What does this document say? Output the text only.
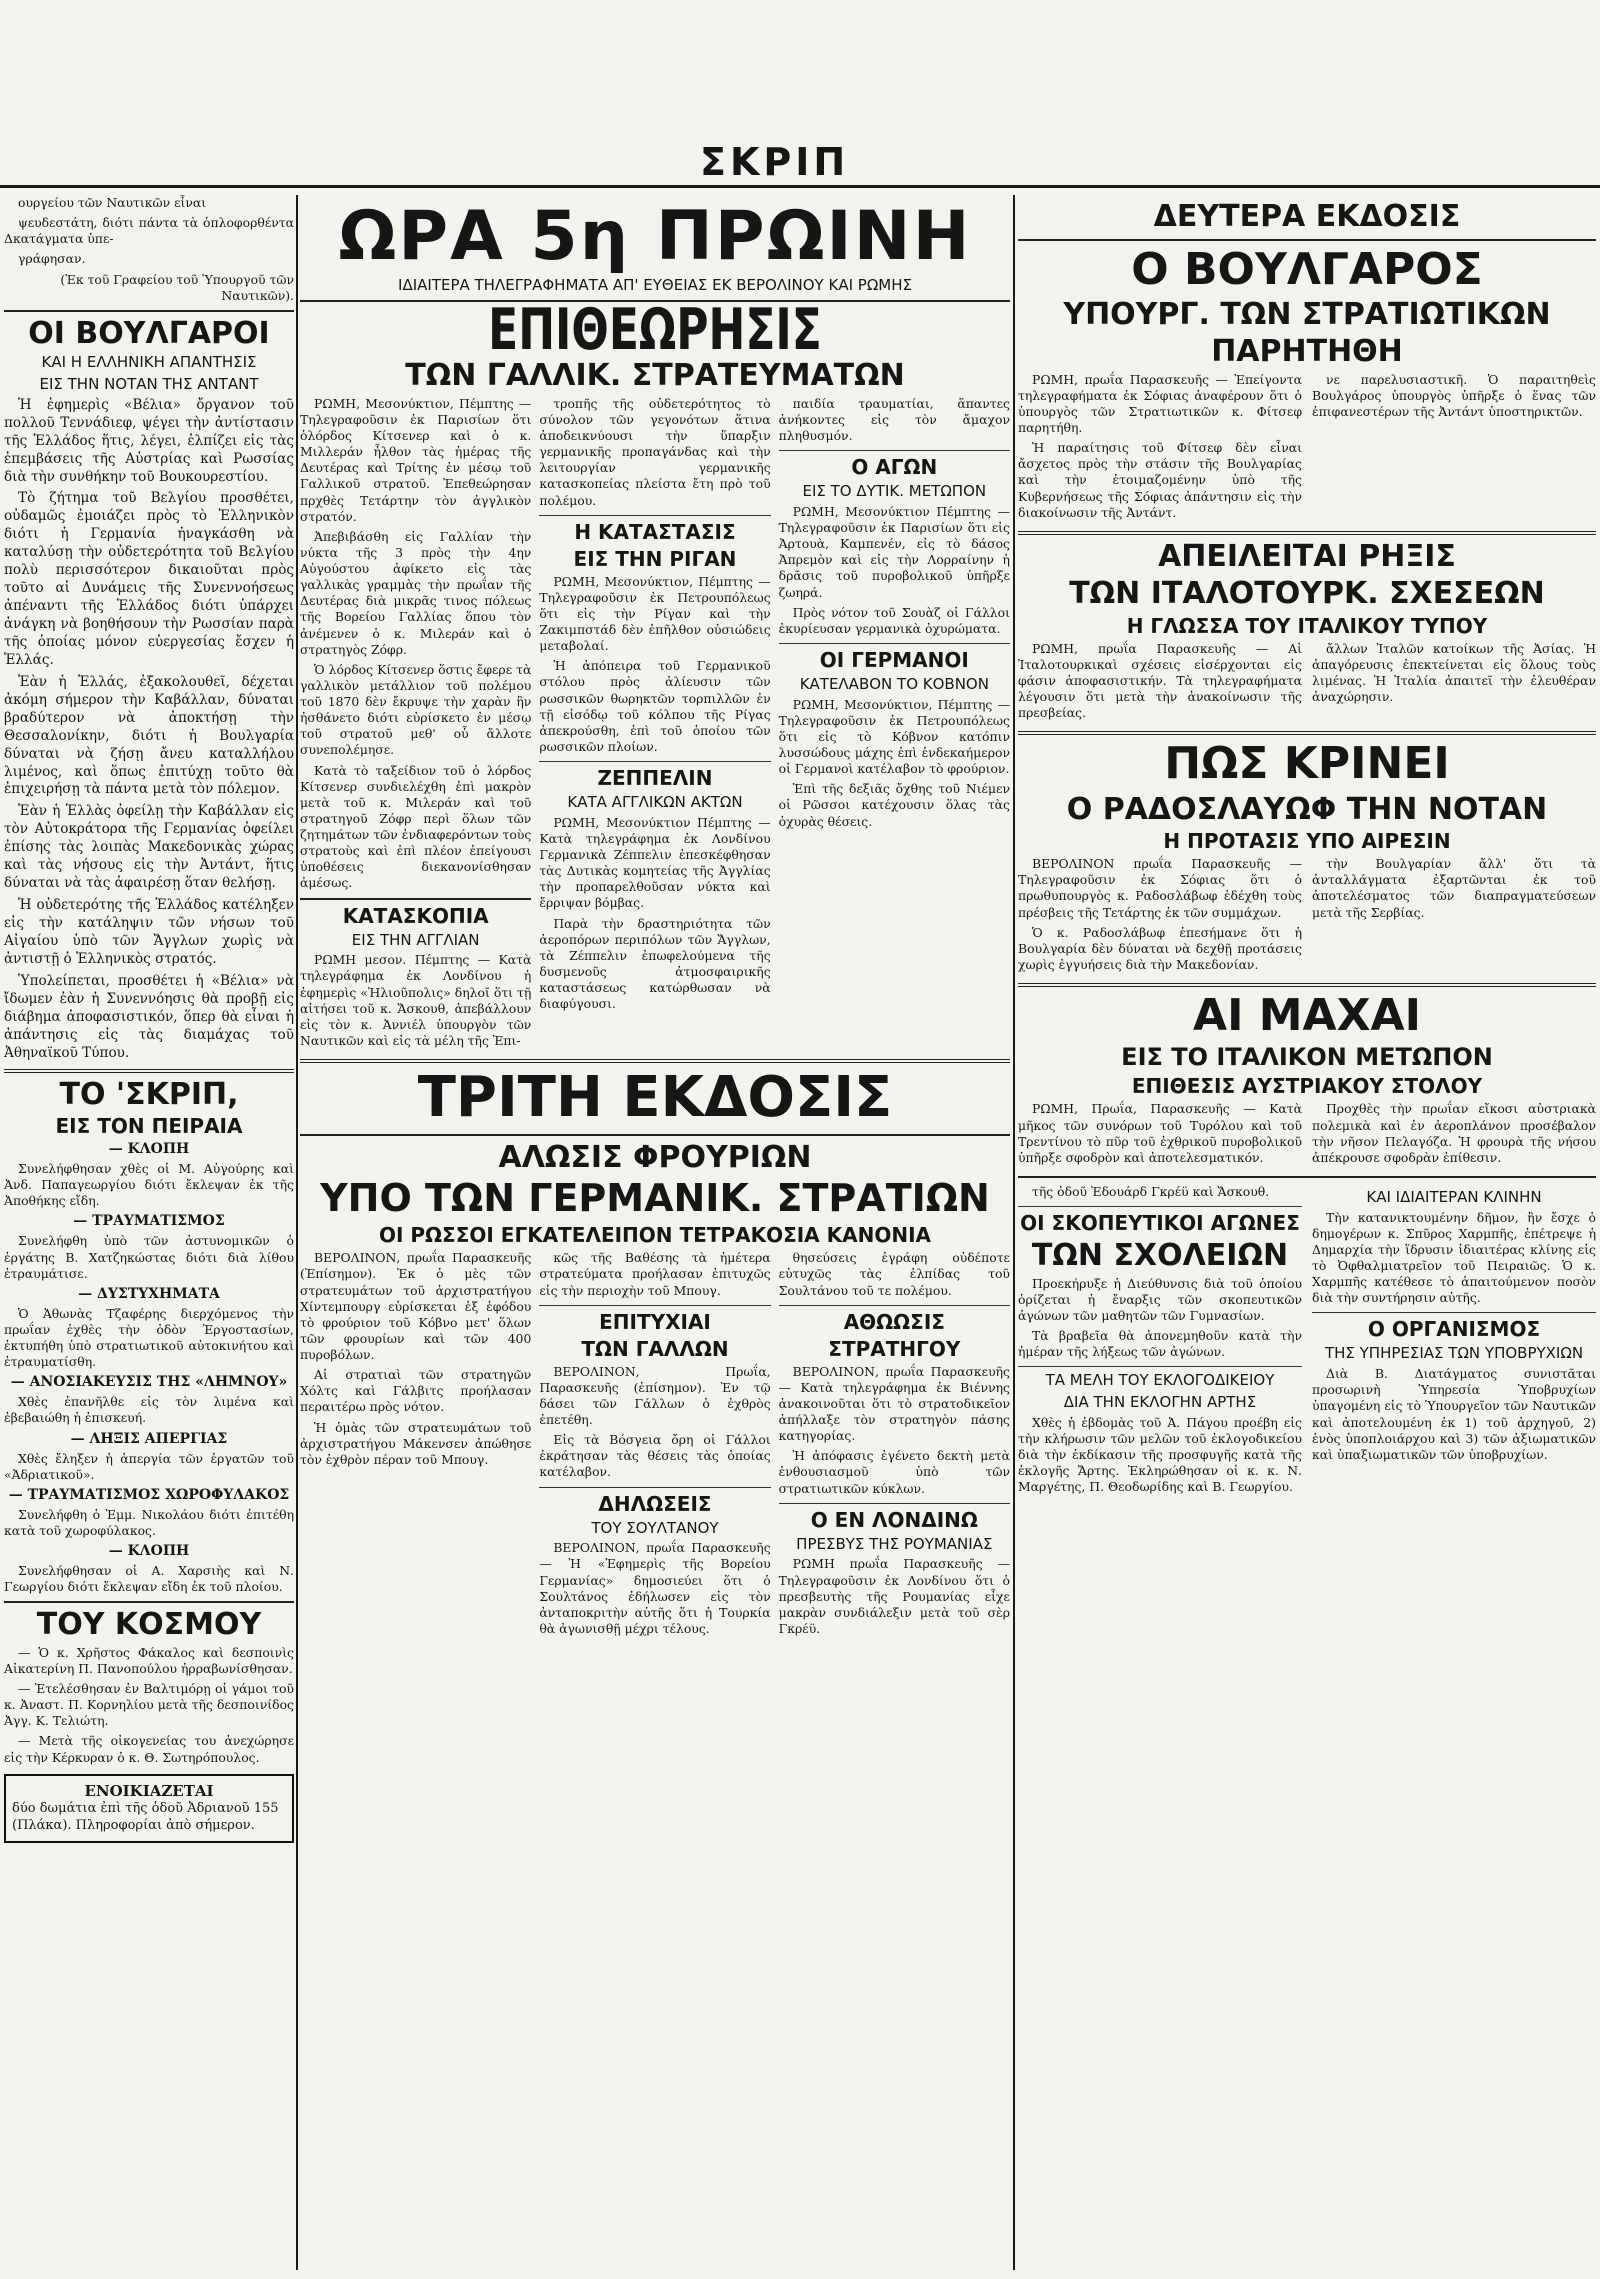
ΣΚΡΙΠ

ουργείου τῶν Ναυτικῶν εἶναι

ψευδεστάτη, διότι πάντα τὰ ὁπλοφορθέντα Δκατάγματα ὑπε-

γράφησαν.

(Ἐκ τοῦ Γραφείου τοῦ Ὑπουργοῦ τῶν Ναυτικῶν).

ΟΙ ΒΟΥΛΓΑΡΟΙ
ΚΑΙ Η ΕΛΛΗΝΙΚΗ ΑΠΑΝΤΗΣΙΣ
ΕΙΣ ΤΗΝ ΝΟΤΑΝ ΤΗΣ ΑΝΤΑΝΤ

Ἡ ἐφημερὶς «Βέλια» ὄργανον τοῦ πολλοῦ Τεννάδιεφ, ψέγει τὴν ἀντίστασιν τῆς Ἑλλάδος ἥτις, λέγει, ἐλπίζει εἰς τὰς ἐπεμβάσεις τῆς Αὐστρίας καὶ Ρωσσίας διὰ τὴν συνθήκην τοῦ Βουκουρεστίου.

Τὸ ζήτημα τοῦ Βελγίου προσθέτει, οὐδαμῶς ἐμοιάζει πρὸς τὸ Ἑλληνικὸν διότι ἡ Γερμανία ἠναγκάσθη νὰ καταλύσῃ τὴν οὐδετερότητα τοῦ Βελγίου πολὺ περισσότερον δικαιοῦται πρὸς τοῦτο αἱ Δυνάμεις τῆς Συνεννοήσεως ἀπέναντι τῆς Ἑλλάδος διότι ὑπάρχει ἀνάγκη νὰ βοηθήσουν τὴν Ρωσσίαν παρὰ τῆς ὁποίας μόνον εὐεργεσίας ἔσχεν ἡ Ἑλλάς.

Ἐὰν ἡ Ἑλλάς, ἐξακολουθεῖ, δέχεται ἀκόμη σήμερον τὴν Καβάλλαν, δύναται βραδύτερον νὰ ἀποκτήσῃ τὴν Θεσσαλονίκην, διότι ἡ Βουλγαρία δύναται νὰ ζήσῃ ἄνευ καταλλήλου λιμένος, καὶ ὅπως ἐπιτύχῃ τοῦτο θὰ ἐπιχειρήσῃ τὰ πάντα μετὰ τὸν πόλεμον.

Ἐὰν ἡ Ἑλλὰς ὀφείλῃ τὴν Καβάλλαν εἰς τὸν Αὐτοκράτορα τῆς Γερμανίας ὀφείλει ἐπίσης τὰς λοιπὰς Μακεδονικὰς χώρας καὶ τὰς νήσους εἰς τὴν Ἀντάντ, ἥτις δύναται νὰ τὰς ἀφαιρέσῃ ὅταν θελήσῃ.

Ἡ οὐδετερότης τῆς Ἑλλάδος κατέληξεν εἰς τὴν κατάληψιν τῶν νήσων τοῦ Αἰγαίου ὑπὸ τῶν Ἄγγλων χωρὶς νὰ ἀντιστῇ ὁ Ἑλληνικὸς στρατός.

Ὑπολείπεται, προσθέτει ἡ «Βέλια» νὰ ἴδωμεν ἐὰν ἡ Συνεννόησις θὰ προβῇ εἰς διάβημα ἀποφασιστικόν, ὅπερ θὰ εἶναι ἡ ἀπάντησις εἰς τὰς διαμάχας τοῦ Ἀθηναϊκοῦ Τύπου.

ΤΟ 'ΣΚΡΙΠ,
ΕΙΣ ΤΟΝ ΠΕΙΡΑΙΑ
— ΚΛΟΠΗ

Συνελήφθησαν χθὲς οἱ Μ. Αὐγούρης καὶ Ἀνδ. Παπαγεωργίου διότι ἔκλεψαν ἐκ τῆς Ἀποθήκης εἴδη.

— ΤΡΑΥΜΑΤΙΣΜΟΣ

Συνελήφθη ὑπὸ τῶν ἀστυνομικῶν ὁ ἐργάτης Β. Χατζηκώστας διότι διὰ λίθου ἐτραυμάτισε.

— ΔΥΣΤΥΧΗΜΑΤΑ

Ὁ Ἀθωνὰς Τζαφέρης διερχόμενος τὴν πρωΐαν ἐχθὲς τὴν ὁδὸν Ἐργοστασίων, ἐκτυπήθη ὑπὸ στρατιωτικοῦ αὐτοκινήτου καὶ ἐτραυματίσθη.

— ΑΝΟΣΙΑΚΕΥΣΙΣ ΤΗΣ «ΛΗΜΝΟΥ»

Χθὲς ἐπανῆλθε εἰς τὸν λιμένα καὶ ἐβεβαιώθη ἡ ἐπισκευή.

— ΛΗΞΙΣ ΑΠΕΡΓΙΑΣ

Χθὲς ἔληξεν ἡ ἀπεργία τῶν ἐργατῶν τοῦ «Ἀδριατικοῦ».

— ΤΡΑΥΜΑΤΙΣΜΟΣ ΧΩΡΟΦΥΛΑΚΟΣ

Συνελήφθη ὁ Ἐμμ. Νικολάου διότι ἐπιτέθη κατὰ τοῦ χωροφύλακος.

— ΚΛΟΠΗ

Συνελήφθησαν οἱ Α. Χαρσιὴς καὶ Ν. Γεωργίου διότι ἔκλεψαν εἴδη ἐκ τοῦ πλοίου.

ΤΟΥ ΚΟΣΜΟΥ

— Ὁ κ. Χρῆστος Φάκαλος καὶ δεσποινὶς Αἰκατερίνη Π. Πανοπούλου ἠρραβωνίσθησαν.

— Ἐτελέσθησαν ἐν Βαλτιμόρῃ οἱ γάμοι τοῦ κ. Ἀναστ. Π. Κορνηλίου μετὰ τῆς δεσποινίδος Ἀγγ. Κ. Τελιώτη.

— Μετὰ τῆς οἰκογενείας του ἀνεχώρησε εἰς τὴν Κέρκυραν ὁ κ. Θ. Σωτηρόπουλος.

ΕΝΟΙΚΙΑΖΕΤΑΙ
δύο δωμάτια ἐπὶ τῆς ὁδοῦ Ἀδριανοῦ 155 (Πλάκα). Πληροφορίαι ἀπὸ σήμερον.
ΩΡΑ 5η ΠΡΩΙΝΗ
ΙΔΙΑΙΤΕΡΑ ΤΗΛΕΓΡΑΦΗΜΑΤΑ ΑΠ' ΕΥΘΕΙΑΣ ΕΚ ΒΕΡΟΛΙΝΟΥ ΚΑΙ ΡΩΜΗΣ
ΕΠΙΘΕΩΡΗΣΙΣ
ΤΩΝ ΓΑΛΛΙΚ. ΣΤΡΑΤΕΥΜΑΤΩΝ

ΡΩΜΗ, Μεσονύκτιον, Πέμπτης — Τηλεγραφοῦσιν ἐκ Παρισίων ὅτι ὁλόρδος Κίτσενερ καὶ ὁ κ. Μιλλεράν ἦλθον τὰς ἡμέρας τῆς Δευτέρας καὶ Τρίτης ἐν μέσῳ τοῦ Γαλλικοῦ στρατοῦ. Ἐπεθεώρησαν πρχθὲς Τετάρτην τὸν ἀγγλικὸν στρατόν.

Ἀπεβιβάσθη εἰς Γαλλίαν τὴν νύκτα τῆς 3 πρὸς τὴν 4ην Αὐγούστου ἀφίκετο εἰς τὰς γαλλικὰς γραμμὰς τὴν πρωΐαν τῆς Δευτέρας διὰ μικρᾶς τινος πόλεως τῆς Βορείου Γαλλίας ὅπου τὸν ἀνέμενεν ὁ κ. Μιλεράν καὶ ὁ στρατηγὸς Ζόφρ.

Ὁ λόρδος Κίτσενερ ὅστις ἔφερε τὰ γαλλικὸν μετάλλιον τοῦ πολέμου τοῦ 1870 δὲν ἔκρυψε τὴν χαρὰν ἣν ἠσθάνετο διότι εὑρίσκετο ἐν μέσῳ τοῦ στρατοῦ μεθ' οὗ ἄλλοτε συνεπολέμησε.

Κατὰ τὸ ταξείδιον τοῦ ὁ λόρδος Κίτσενερ συνδιελέχθη ἐπὶ μακρὸν μετὰ τοῦ κ. Μιλεράν καὶ τοῦ στρατηγοῦ Ζόφρ περὶ ὅλων τῶν ζητημάτων τῶν ἐνδιαφερόντων τοὺς στρατοὺς καὶ ἐπὶ πλέον ἐπείγουσι ὑποθέσεις διεκανονίσθησαν ἀμέσως.

ΚΑΤΑΣΚΟΠΙΑ
ΕΙΣ ΤΗΝ ΑΓΓΛΙΑΝ

ΡΩΜΗ μεσον. Πέμπτης — Κατὰ τηλεγράφημα ἐκ Λονδίνου ἡ ἐφημερὶς «Ἠλιοῦπολις» δηλοῖ ὅτι τῇ αἰτήσει τοῦ κ. Ἄσκουθ, ἀπεβάλλουν εἰς τὸν κ. Ἀννιέλ ὑπουργὸν τῶν Ναυτικῶν καὶ εἰς τὰ μέλη τῆς Ἐπι-

τροπῆς τῆς οὐδετερότητος τὸ σύνολον τῶν γεγονότων ἅτινα ἀποδεικνύουσι τὴν ὕπαρξιν γερμανικῆς προπαγάνδας καὶ τὴν λειτουργίαν γερμανικῆς κατασκοπείας πλείστα ἔτη πρὸ τοῦ πολέμου.

Η ΚΑΤΑΣΤΑΣΙΣ
ΕΙΣ ΤΗΝ ΡΙΓΑΝ

ΡΩΜΗ, Μεσονύκτιον, Πέμπτης — Τηλεγραφοῦσιν ἐκ Πετρουπόλεως ὅτι εἰς τὴν Ρίγαν καὶ τὴν Ζακιμπστάδ δὲν ἐπῆλθον οὐσιώδεις μεταβολαί.

Ἡ ἀπόπειρα τοῦ Γερμανικοῦ στόλου πρὸς ἀλίευσιν τῶν ρωσσικῶν θωρηκτῶν τορπιλλῶν ἐν τῇ εἰσόδῳ τοῦ κόλπου τῆς Ρίγας ἀπεκρούσθη, ἐπὶ τοῦ ὁποίου τῶν ρωσσικῶν πλοίων.

ΖΕΠΠΕΛΙΝ
ΚΑΤΑ ΑΓΓΛΙΚΩΝ ΑΚΤΩΝ

ΡΩΜΗ, Μεσονύκτιον Πέμπτης — Κατὰ τηλεγράφημα ἐκ Λονδίνου Γερμανικὰ Ζέππελιν ἐπεσκέφθησαν τὰς Δυτικὰς κομητείας τῆς Ἀγγλίας τὴν προπαρελθοῦσαν νύκτα καὶ ἔρριψαν βόμβας.

Παρὰ τὴν δραστηριότητα τῶν ἀεροπόρων περιπόλων τῶν Ἄγγλων, τὰ Ζέππελιν ἐπωφελούμενα τῆς δυσμενοῦς ἀτμοσφαιρικῆς καταστάσεως κατώρθωσαν νὰ διαφύγουσι.

παιδία τραυματίαι, ἅπαντες ἀνήκοντες εἰς τὸν ἄμαχον πληθυσμόν.

Ο ΑΓΩΝ
ΕΙΣ ΤΟ ΔΥΤΙΚ. ΜΕΤΩΠΟΝ

ΡΩΜΗ, Μεσονύκτιον Πέμπτης — Τηλεγραφοῦσιν ἐκ Παρισίων ὅτι εἰς Ἀρτουὰ, Καμπενέν, εἰς τὸ δάσος Ἀπρεμὸν καὶ εἰς τὴν Λορραίνην ἡ δρᾶσις τοῦ πυροβολικοῦ ὑπῆρξε ζωηρά.

Πρὸς νότον τοῦ Σουὰζ οἱ Γάλλοι ἐκυρίευσαν γερμανικὰ ὀχυρώματα.

ΟΙ ΓΕΡΜΑΝΟΙ
ΚΑΤΕΛΑΒΟΝ ΤΟ ΚΟΒΝΟΝ

ΡΩΜΗ, Μεσονύκτιον, Πέμπτης — Τηλεγραφοῦσιν ἐκ Πετρουπόλεως ὅτι εἰς τὸ Κόβνον κατόπιν λυσσώδους μάχης ἐπὶ ἑνδεκαήμερον οἱ Γερμανοὶ κατέλαβον τὸ φρούριον.

Ἐπὶ τῆς δεξιᾶς ὄχθης τοῦ Νιέμεν οἱ Ρῶσσοι κατέχουσιν ὅλας τὰς ὀχυρὰς θέσεις.

ΤΡΙΤΗ ΕΚΔΟΣΙΣ
ΑΛΩΣΙΣ ΦΡΟΥΡΙΩΝ
ΥΠΟ ΤΩΝ ΓΕΡΜΑΝΙΚ. ΣΤΡΑΤΙΩΝ
ΟΙ ΡΩΣΣΟΙ ΕΓΚΑΤΕΛΕΙΠΟΝ ΤΕΤΡΑΚΟΣΙΑ ΚΑΝΟΝΙΑ

ΒΕΡΟΛΙΝΟΝ, πρωΐα Παρασκευῆς (Ἐπίσημον). Ἐκ ὁ μὲς τῶν στρατευμάτων τοῦ ἀρχιστρατήγου Χίντεμπουργ εὑρίσκεται ἐξ ἐφόδου τὸ φρούριον τοῦ Κόβνο μετ' ὅλων τῶν φρουρίων καὶ τῶν 400 πυροβόλων.

Αἱ στρατιαὶ τῶν στρατηγῶν Χόλτς καὶ Γάλβιτς προήλασαν περαιτέρω πρὸς νότον.

Ἡ ὁμὰς τῶν στρατευμάτων τοῦ ἀρχιστρατήγου Μάκενσεν ἀπώθησε τὸν ἐχθρὸν πέραν τοῦ Μπουγ.

κῶς τῆς Βαθέσης τὰ ἡμέτερα στρατεύματα προήλασαν ἐπιτυχῶς εἰς τὴν περιοχὴν τοῦ Μπουγ.

ΕΠΙΤΥΧΙΑΙ
ΤΩΝ ΓΑΛΛΩΝ

ΒΕΡΟΛΙΝΟΝ, Πρωΐα, Παρασκευῆς (ἐπίσημον). Ἐν τῷ δάσει τῶν Γάλλων ὁ ἐχθρὸς ἐπετέθη.

Εἰς τὰ Βόσγεια ὄρη οἱ Γάλλοι ἐκράτησαν τὰς θέσεις τὰς ὁποίας κατέλαβον.

ΔΗΛΩΣΕΙΣ
ΤΟΥ ΣΟΥΛΤΑΝΟΥ

ΒΕΡΟΛΙΝΟΝ, πρωΐα Παρασκευῆς — Ἡ «Ἐφημερὶς τῆς Βορείου Γερμανίας» δημοσιεύει ὅτι ὁ Σουλτάνος ἐδήλωσεν εἰς τὸν ἀνταποκριτὴν αὐτῆς ὅτι ἡ Τουρκία θὰ ἀγωνισθῇ μέχρι τέλους.

θησεύσεις ἐγράφη οὐδέποτε εὐτυχῶς τὰς ἐλπίδας τοῦ Σουλτάνου τοῦ τε πολέμου.

ΑΘΩΩΣΙΣ
ΣΤΡΑΤΗΓΟΥ

ΒΕΡΟΛΙΝΟΝ, πρωΐα Παρασκευῆς — Κατὰ τηλεγράφημα ἐκ Βιέννης ἀνακοινοῦται ὅτι τὸ στρατοδικεῖον ἀπήλλαξε τὸν στρατηγὸν πάσης κατηγορίας.

Ἡ ἀπόφασις ἐγένετο δεκτὴ μετὰ ἐνθουσιασμοῦ ὑπὸ τῶν στρατιωτικῶν κύκλων.

Ο ΕΝ ΛΟΝΔΙΝΩ
ΠΡΕΣΒΥΣ ΤΗΣ ΡΟΥΜΑΝΙΑΣ

ΡΩΜΗ πρωΐα Παρασκευῆς — Τηλεγραφοῦσιν ἐκ Λονδίνου ὅτι ὁ πρεσβευτὴς τῆς Ρουμανίας εἶχε μακρὰν συνδιάλεξιν μετὰ τοῦ σὲρ Γκρέϋ.

ΔΕΥΤΕΡΑ ΕΚΔΟΣΙΣ
Ο ΒΟΥΛΓΑΡΟΣ
ΥΠΟΥΡΓ. ΤΩΝ ΣΤΡΑΤΙΩΤΙΚΩΝ
ΠΑΡΗΤΗΘΗ

ΡΩΜΗ, πρωΐα Παρασκευῆς — Ἐπείγοντα τηλεγραφήματα ἐκ Σόφιας ἀναφέρουν ὅτι ὁ ὑπουργὸς τῶν Στρατιωτικῶν κ. Φίτσεφ παρητήθη.

Ἡ παραίτησις τοῦ Φίτσεφ δὲν εἶναι ἄσχετος πρὸς τὴν στάσιν τῆς Βουλγαρίας καὶ τὴν ἑτοιμαζομένην ὑπὸ τῆς Κυβερνήσεως τῆς Σόφιας ἀπάντησιν εἰς τὴν διακοίνωσιν τῆς Ἀντάντ.

νε παρελυσιαστικῆ. Ὁ παραιτηθεὶς Βουλγάρος ὑπουργὸς ὑπῆρξε ὁ ἕνας τῶν ἐπιφανεστέρων τῆς Ἀντάντ ὑποστηρικτῶν.

ΑΠΕΙΛΕΙΤΑΙ ΡΗΞΙΣ
ΤΩΝ ΙΤΑΛΟΤΟΥΡΚ. ΣΧΕΣΕΩΝ
Η ΓΛΩΣΣΑ ΤΟΥ ΙΤΑΛΙΚΟΥ ΤΥΠΟΥ

ΡΩΜΗ, πρωΐα Παρασκευῆς — Αἱ Ἰταλοτουρκικαὶ σχέσεις εἰσέρχονται εἰς φάσιν ἀποφασιστικήν. Τὰ τηλεγραφήματα λέγουσιν ὅτι μετὰ τὴν ἀνακοίνωσιν τῆς πρεσβείας.

ἄλλων Ἰταλῶν κατοίκων τῆς Ἀσίας. Ἡ ἀπαγόρευσις ἐπεκτείνεται εἰς ὅλους τοὺς λιμένας. Ἡ Ἰταλία ἀπαιτεῖ τὴν ἐλευθέραν ἀναχώρησιν.

ΠΩΣ ΚΡΙΝΕΙ
Ο ΡΑΔΟΣΛΑΥΩΦ ΤΗΝ ΝΟΤΑΝ
Η ΠΡΟΤΑΣΙΣ ΥΠΟ ΑΙΡΕΣΙΝ

ΒΕΡΟΛΙΝΟΝ πρωΐα Παρασκευῆς — Τηλεγραφοῦσιν ἐκ Σόφιας ὅτι ὁ πρωθυπουργὸς κ. Ραδοσλάβωφ ἐδέχθη τοὺς πρέσβεις τῆς Τετάρτης ἐκ τῶν συμμάχων.

Ὁ κ. Ραδοσλάβωφ ἐπεσήμανε ὅτι ἡ Βουλγαρία δὲν δύναται νὰ δεχθῇ προτάσεις χωρὶς ἐγγυήσεις διὰ τὴν Μακεδονίαν.

τὴν Βουλγαρίαν ἄλλ' ὅτι τὰ ἀνταλλάγματα ἐξαρτῶνται ἐκ τοῦ ἀποτελέσματος τῶν διαπραγματεύσεων μετὰ τῆς Σερβίας.

ΑΙ ΜΑΧΑΙ
ΕΙΣ ΤΟ ΙΤΑΛΙΚΟΝ ΜΕΤΩΠΟΝ
ΕΠΙΘΕΣΙΣ ΑΥΣΤΡΙΑΚΟΥ ΣΤΟΛΟΥ

ΡΩΜΗ, Πρωΐα, Παρασκευῆς — Κατὰ μῆκος τῶν συνόρων τοῦ Τυρόλου καὶ τοῦ Τρεντίνου τὸ πῦρ τοῦ ἐχθρικοῦ πυροβολικοῦ ὑπῆρξε σφοδρὸν καὶ ἀποτελεσματικόν.

Προχθὲς τὴν πρωΐαν εἴκοσι αὐστριακὰ πολεμικὰ καὶ ἐν ἀεροπλάνον προσέβαλον τὴν νῆσον Πελαγόζα. Ἡ φρουρὰ τῆς νήσου ἀπέκρουσε σφοδρὰν ἐπίθεσιν.

τῆς ὁδοῦ Ἐδουάρδ Γκρέϋ καὶ Ἄσκουθ.

ΟΙ ΣΚΟΠΕΥΤΙΚΟΙ ΑΓΩΝΕΣ
ΤΩΝ ΣΧΟΛΕΙΩΝ

Προεκήρυξε ἡ Διεύθυνσις διὰ τοῦ ὁποίου ὁρίζεται ἡ ἔναρξις τῶν σκοπευτικῶν ἀγώνων τῶν μαθητῶν τῶν Γυμνασίων.

Τὰ βραβεῖα θὰ ἀπονεμηθοῦν κατὰ τὴν ἡμέραν τῆς λήξεως τῶν ἀγώνων.

ΤΑ ΜΕΛΗ ΤΟΥ ΕΚΛΟΓΟΔΙΚΕΙΟΥ
ΔΙΑ ΤΗΝ ΕΚΛΟΓΗΝ ΑΡΤΗΣ

Χθὲς ἡ ἐβδομὰς τοῦ Ἀ. Πάγου προέβη εἰς τὴν κλήρωσιν τῶν μελῶν τοῦ ἐκλογοδικείου διὰ τὴν ἐκδίκασιν τῆς προσφυγῆς κατὰ τῆς ἐκλογῆς Ἄρτης. Ἐκληρώθησαν οἱ κ. κ. Ν. Μαργέτης, Π. Θεοδωρίδης καὶ Β. Γεωργίου.

ΚΑΙ ΙΔΙΑΙΤΕΡΑΝ ΚΛΙΝΗΝ

Τὴν κατανικτουμένην δῆμον, ἣν ἔσχε ὁ δημογέρων κ. Σπῦρος Χαρμπῆς, ἐπέτρεψε ἡ Δημαρχία τὴν ἵδρυσιν ἰδιαιτέρας κλίνης εἰς τὸ Ὀφθαλμιατρεῖον τοῦ Πειραιῶς. Ὁ κ. Χαρμπῆς κατέθεσε τὸ ἀπαιτούμενον ποσὸν διὰ τὴν συντήρησιν αὐτῆς.

Ο ΟΡΓΑΝΙΣΜΟΣ
ΤΗΣ ΥΠΗΡΕΣΙΑΣ ΤΩΝ ΥΠΟΒΡΥΧΙΩΝ

Διὰ Β. Διατάγματος συνιστᾶται προσωρινὴ Ὑπηρεσία Ὑποβρυχίων ὑπαγομένη εἰς τὸ Ὑπουργεῖον τῶν Ναυτικῶν καὶ ἀποτελουμένη ἐκ 1) τοῦ ἀρχηγοῦ, 2) ἑνὸς ὑποπλοιάρχου καὶ 3) τῶν ἀξιωματικῶν καὶ ὑπαξιωματικῶν τῶν ὑποβρυχίων.
